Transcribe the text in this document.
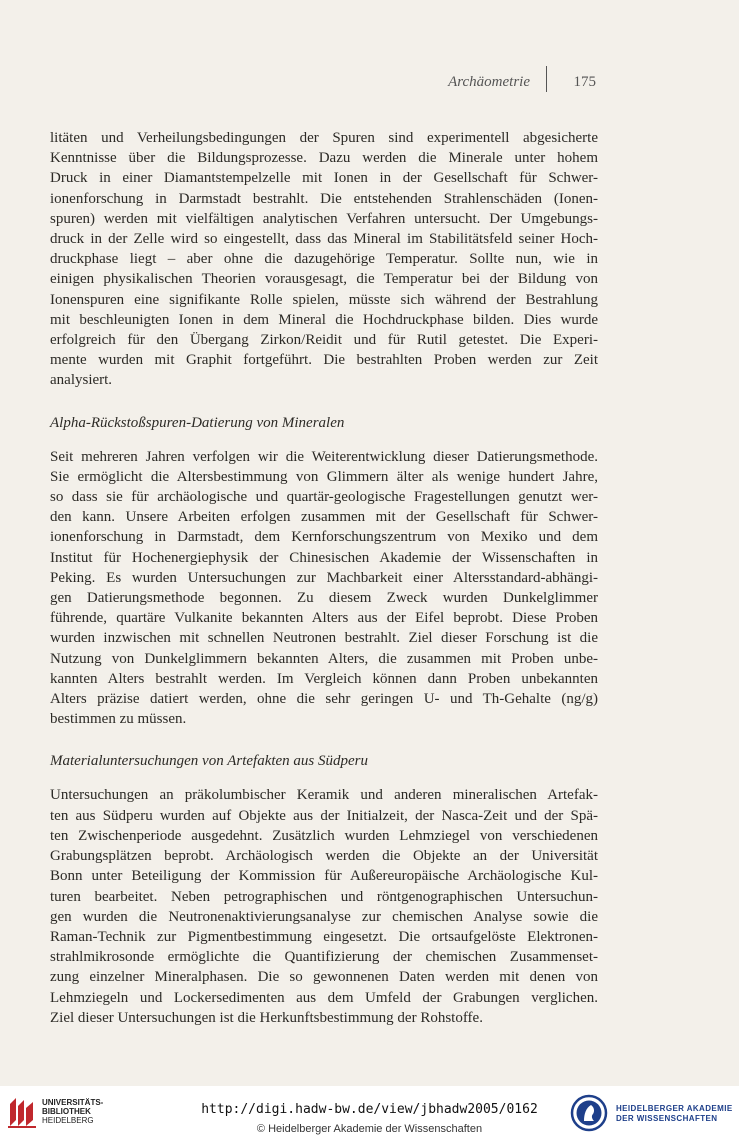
Archäometrie	175
litäten und Verheilungsbedingungen der Spuren sind experimentell abgesicherte
Kenntnisse über die Bildungsprozesse. Dazu werden die Minerale unter hohem
Druck in einer Diamantstempelzelle mit Ionen in der Gesellschaft für Schwer-
ionenforschung in Darmstadt bestrahlt. Die entstehenden Strahlenschäden (Ionen-
spuren) werden mit vielfältigen analytischen Verfahren untersucht. Der Umgebungs-
druck in der Zelle wird so eingestellt, dass das Mineral im Stabilitätsfeld seiner Hoch-
druckphase liegt – aber ohne die dazugehörige Temperatur. Sollte nun, wie in
einigen physikalischen Theorien vorausgesagt, die Temperatur bei der Bildung von
Ionenspuren eine signifikante Rolle spielen, müsste sich während der Bestrahlung
mit beschleunigten Ionen in dem Mineral die Hochdruckphase bilden. Dies wurde
erfolgreich für den Übergang Zirkon/Reidit und für Rutil getestet. Die Experi-
mente wurden mit Graphit fortgeführt. Die bestrahlten Proben werden zur Zeit
analysiert.

Alpha-Rückstoßspuren-Datierung von Mineralen

Seit mehreren Jahren verfolgen wir die Weiterentwicklung dieser Datierungsmethode.
Sie ermöglicht die Altersbestimmung von Glimmern älter als wenige hundert Jahre,
so dass sie für archäologische und quartär-geologische Fragestellungen genutzt wer-
den kann. Unsere Arbeiten erfolgen zusammen mit der Gesellschaft für Schwer-
ionenforschung in Darmstadt, dem Kernforschungszentrum von Mexiko und dem
Institut für Hochenergiephysik der Chinesischen Akademie der Wissenschaften in
Peking. Es wurden Untersuchungen zur Machbarkeit einer Altersstandard-abhängi-
gen Datierungsmethode begonnen. Zu diesem Zweck wurden Dunkelglimmer
führende, quartäre Vulkanite bekannten Alters aus der Eifel beprobt. Diese Proben
wurden inzwischen mit schnellen Neutronen bestrahlt. Ziel dieser Forschung ist die
Nutzung von Dunkelglimmern bekannten Alters, die zusammen mit Proben unbe-
kannten Alters bestrahlt werden. Im Vergleich können dann Proben unbekannten
Alters präzise datiert werden, ohne die sehr geringen U- und Th-Gehalte (ng/g)
bestimmen zu müssen.

Materialuntersuchungen von Artefakten aus Südperu

Untersuchungen an präkolumbischer Keramik und anderen mineralischen Artefak-
ten aus Südperu wurden auf Objekte aus der Initialzeit, der Nasca-Zeit und der Spä-
ten Zwischenperiode ausgedehnt. Zusätzlich wurden Lehmziegel von verschiedenen
Grabungsplätzen beprobt. Archäologisch werden die Objekte an der Universität
Bonn unter Beteiligung der Kommission für Außereuropäische Archäologische Kul-
turen bearbeitet. Neben petrographischen und röntgenographischen Untersuchun-
gen wurden die Neutronenaktivierungsanalyse zur chemischen Analyse sowie die
Raman-Technik zur Pigmentbestimmung eingesetzt. Die ortsaufgelöste Elektronen-
strahlmikrosonde ermöglichte die Quantifizierung der chemischen Zusammenset-
zung einzelner Mineralphasen. Die so gewonnenen Daten werden mit denen von
Lehmziegeln und Lockersedimenten aus dem Umfeld der Grabungen verglichen.
Ziel dieser Untersuchungen ist die Herkunftsbestimmung der Rohstoffe.
UNIVERSITÄTS-
BIBLIOTHEK
HEIDELBERG
http://digi.hadw-bw.de/view/jbhadw2005/0162
© Heidelberger Akademie der Wissenschaften
HEIDELBERGER AKADEMIE
DER WISSENSCHAFTEN
